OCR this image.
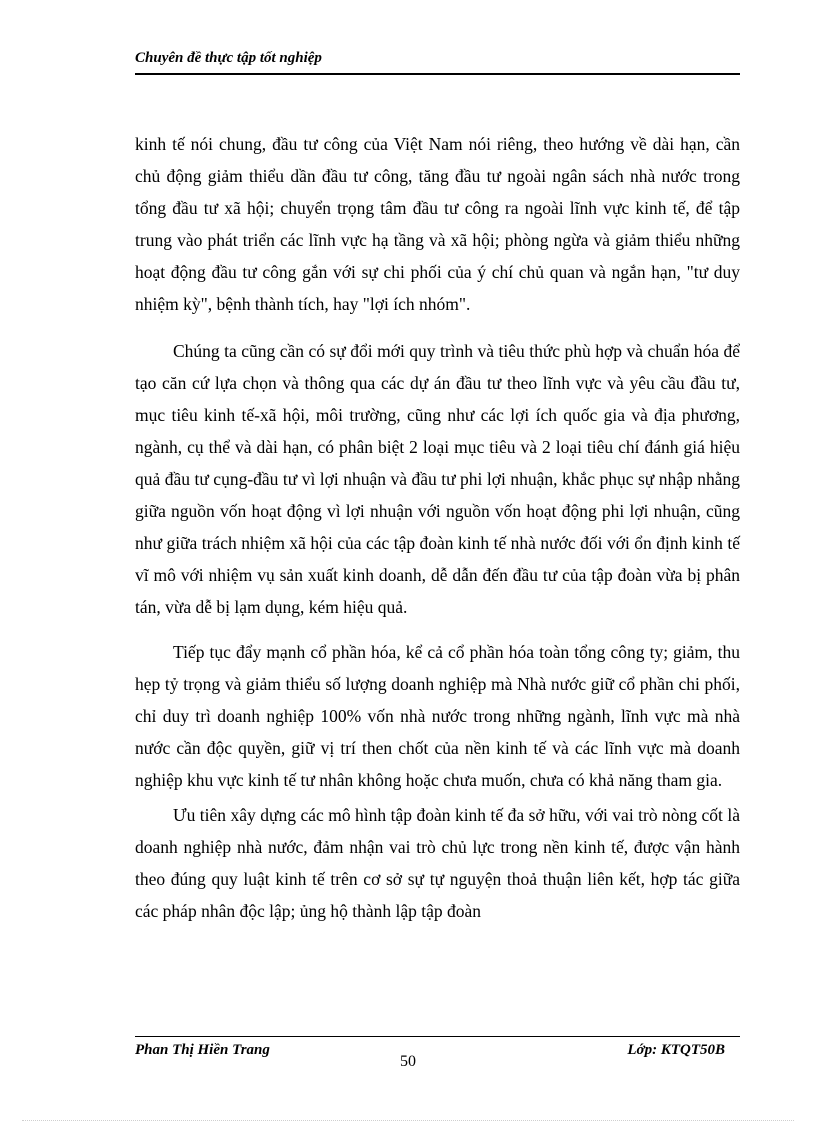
Chuyên đề thực tập tốt nghiệp

kinh tế nói chung, đầu tư công của Việt Nam nói riêng, theo hướng về dài hạn, cần chủ động giảm thiểu dần đầu tư công, tăng đầu tư ngoài ngân sách nhà nước trong tổng đầu tư xã hội; chuyển trọng tâm đầu tư công ra ngoài lĩnh vực kinh tế, để tập trung vào phát triển các lĩnh vực hạ tầng và xã hội; phòng ngừa và giảm thiểu những hoạt động đầu tư công gắn với sự chi phối của ý chí chủ quan và ngắn hạn, "tư duy nhiệm kỳ", bệnh thành tích, hay "lợi ích nhóm".

Chúng ta cũng cần có sự đổi mới quy trình và tiêu thức phù hợp và chuẩn hóa để tạo căn cứ lựa chọn và thông qua các dự án đầu tư theo lĩnh vực và yêu cầu đầu tư, mục tiêu kinh tế-xã hội, môi trường, cũng như các lợi ích quốc gia và địa phương, ngành, cụ thể và dài hạn, có phân biệt 2 loại mục tiêu và 2 loại tiêu chí đánh giá hiệu quả đầu tư cụng-đầu tư vì lợi nhuận và đầu tư phi lợi nhuận, khắc phục sự nhập nhằng giữa nguồn vốn hoạt động vì lợi nhuận với nguồn vốn hoạt động phi lợi nhuận, cũng như giữa trách nhiệm xã hội của các tập đoàn kinh tế nhà nước đối với ổn định kinh tế vĩ mô với nhiệm vụ sản xuất kinh doanh, dễ dẫn đến đầu tư của tập đoàn vừa bị phân tán, vừa dễ bị lạm dụng, kém hiệu quả.

Tiếp tục đẩy mạnh cổ phần hóa, kể cả cổ phần hóa toàn tổng công ty; giảm, thu hẹp tỷ trọng và giảm thiểu số lượng doanh nghiệp mà Nhà nước giữ cổ phần chi phối, chỉ duy trì doanh nghiệp 100% vốn nhà nước trong những ngành, lĩnh vực mà nhà nước cần độc quyền, giữ vị trí then chốt của nền kinh tế và các lĩnh vực mà doanh nghiệp khu vực kinh tế tư nhân không hoặc chưa muốn, chưa có khả năng tham gia.

Ưu tiên xây dựng các mô hình tập đoàn kinh tế đa sở hữu, với vai trò nòng cốt là doanh nghiệp nhà nước, đảm nhận vai trò chủ lực trong nền kinh tế, được vận hành theo đúng quy luật kinh tế trên cơ sở sự tự nguyện thoả thuận liên kết, hợp tác giữa các pháp nhân độc lập; ủng hộ thành lập tập đoàn

Phan Thị Hiền Trang
50
Lớp: KTQT50B
